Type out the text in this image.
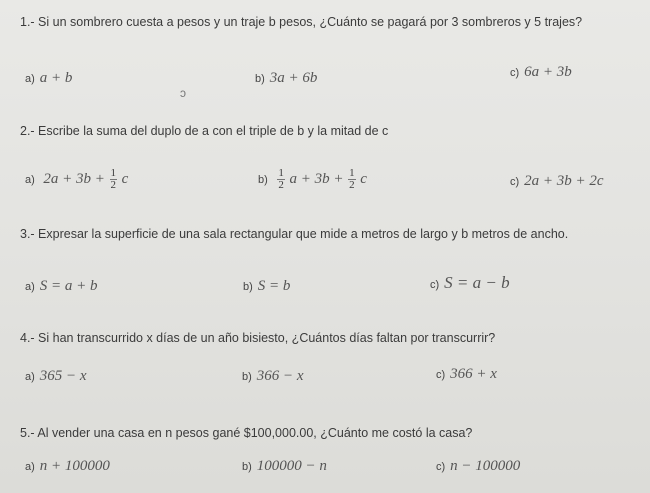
1.- Si un sombrero cuesta a pesos y un traje b pesos, ¿Cuánto se pagará por 3 sombreros y 5 trajes?
a) a + b	b) 3a + 6b	c) 6a + 3b
ↄ
2.- Escribe la suma del duplo de a con el triple de b y la mitad de c
a) $2a + 3b + \frac{1}{2}$ c	$b) \frac{1}{2}$ $a + 3b + \frac{1}{2}$ c	c) 2a + 3b + 2c
3.- Expresar la superficie de una sala rectangular que mide a metros de largo y b metros de ancho.
a) S = a + b	b) S = b	c) S = a − b
4.- Si han transcurrido x días de un año bisiesto, ¿Cuántos días faltan por transcurrir?
a) 365 − x	b) 366 − x	c) 366 + x
5.- Al vender una casa en n pesos gané $100,000.00, ¿Cuánto me costó la casa?
a) n + 100000	b) 100000 − n	c) n − 100000
